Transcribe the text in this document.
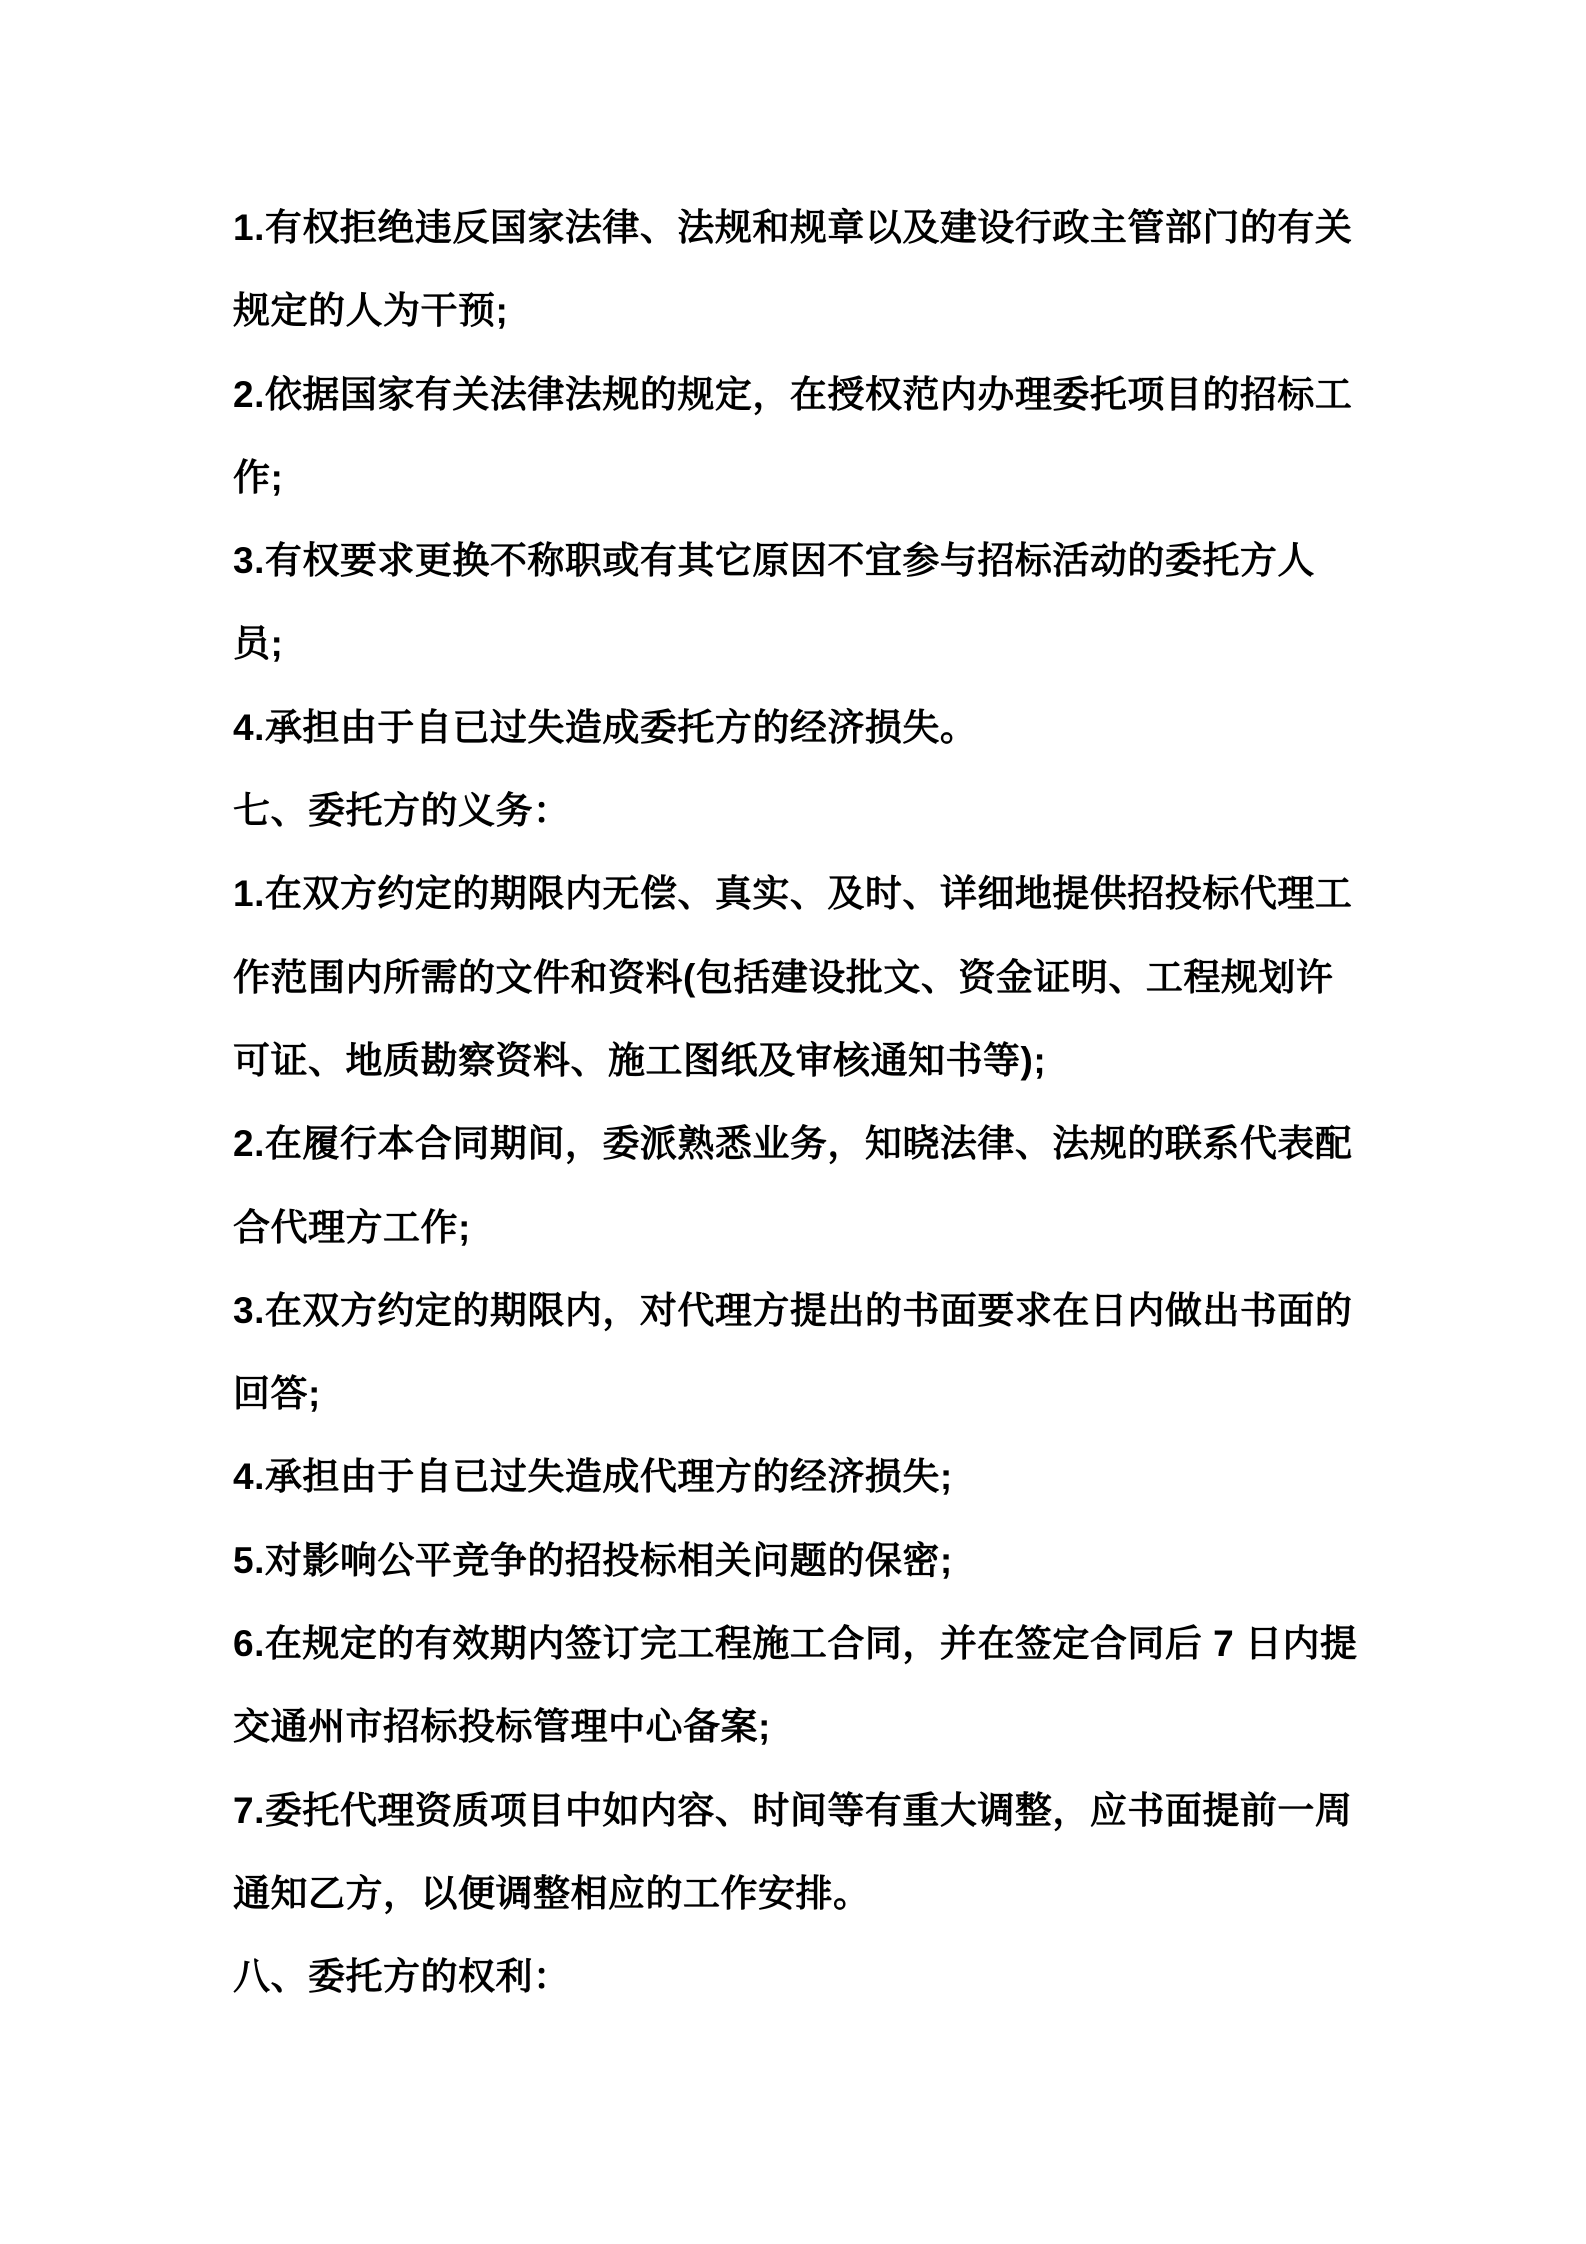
1.有权拒绝违反国家法律、法规和规章以及建设行政主管部门的有关
规定的人为干预;
2.依据国家有关法律法规的规定，在授权范内办理委托项目的招标工
作;
3.有权要求更换不称职或有其它原因不宜参与招标活动的委托方人
员;
4.承担由于自已过失造成委托方的经济损失。
七、委托方的义务：
1.在双方约定的期限内无偿、真实、及时、详细地提供招投标代理工
作范围内所需的文件和资料(包括建设批文、资金证明、工程规划许
可证、地质勘察资料、施工图纸及审核通知书等);
2.在履行本合同期间，委派熟悉业务，知晓法律、法规的联系代表配
合代理方工作;
3.在双方约定的期限内，对代理方提出的书面要求在日内做出书面的
回答;
4.承担由于自已过失造成代理方的经济损失;
5.对影响公平竞争的招投标相关问题的保密;
6.在规定的有效期内签订完工程施工合同，并在签定合同后 7 日内提
交通州市招标投标管理中心备案;
7.委托代理资质项目中如内容、时间等有重大调整，应书面提前一周
通知乙方，以便调整相应的工作安排。
八、委托方的权利：
